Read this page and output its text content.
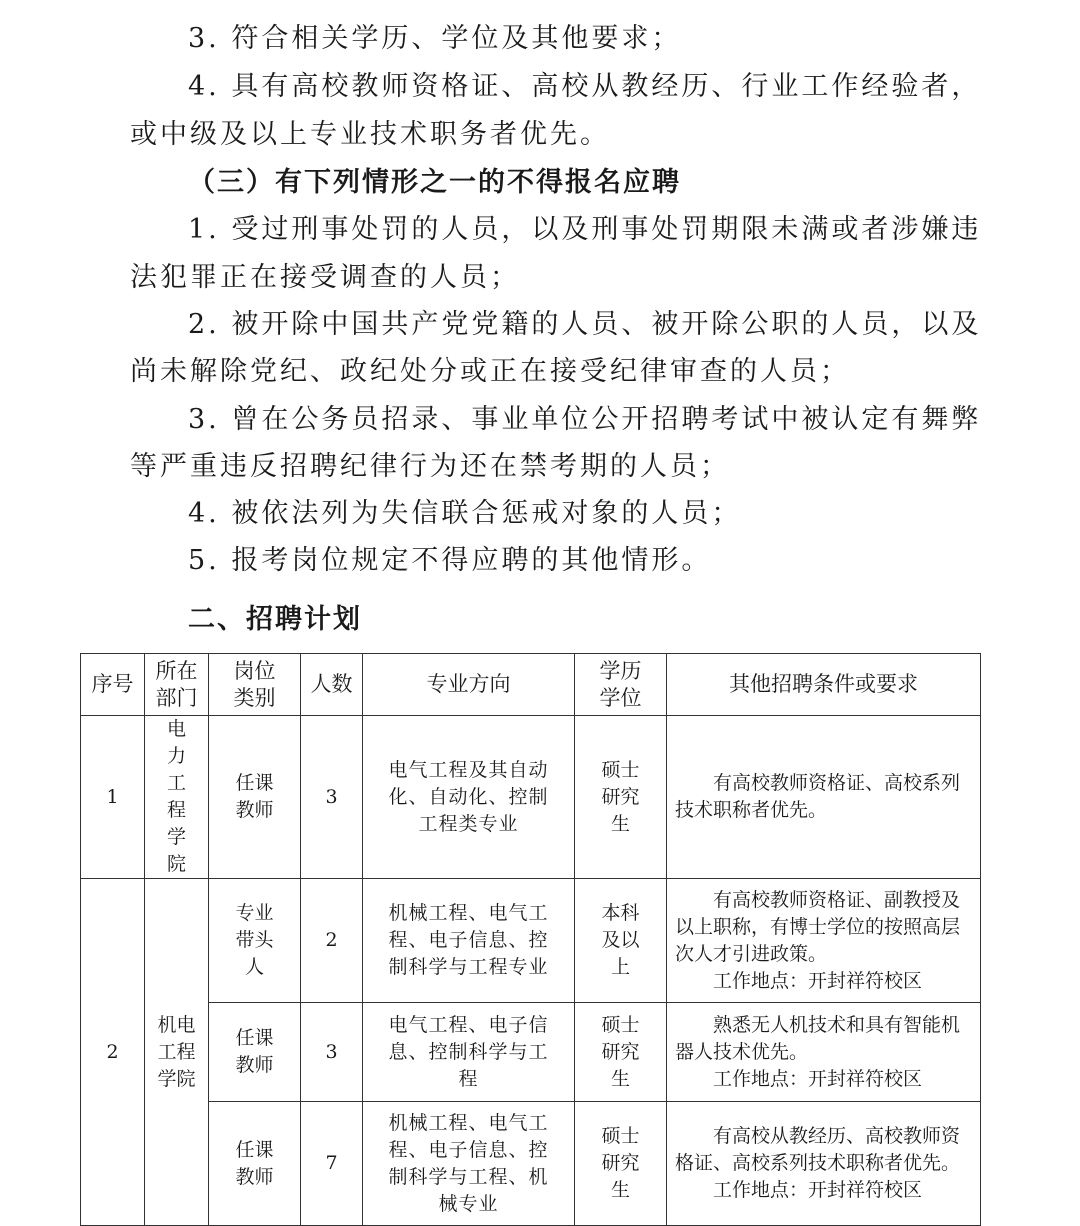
3. 符合相关学历、学位及其他要求；
4. 具有高校教师资格证、高校从教经历、行业工作经验者，
或中级及以上专业技术职务者优先。
（三）有下列情形之一的不得报名应聘
1. 受过刑事处罚的人员，以及刑事处罚期限未满或者涉嫌违
法犯罪正在接受调查的人员；
2. 被开除中国共产党党籍的人员、被开除公职的人员，以及
尚未解除党纪、政纪处分或正在接受纪律审查的人员；
3. 曾在公务员招录、事业单位公开招聘考试中被认定有舞弊
等严重违反招聘纪律行为还在禁考期的人员；
4. 被依法列为失信联合惩戒对象的人员；
5. 报考岗位规定不得应聘的其他情形。
二、招聘计划
序号	所在部门	岗位类别	人数	专业方向	学历学位	其他招聘条件或要求
1	电力工程学院	任课教师	3	电气工程及其自动化、自动化、控制工程类专业	硕士研究生	有高校教师资格证、高校系列技术职称者优先。

2	机电工程学院	专业带头人	2	机械工程、电气工程、电子信息、控制科学与工程专业	本科及以上	有高校教师资格证、副教授及以上职称，有博士学位的按照高层次人才引进政策。

工作地点：开封祥符校区

		任课教师	3	电气工程、电子信息、控制科学与工程	硕士研究生	熟悉无人机技术和具有智能机器人技术优先。

工作地点：开封祥符校区

		任课教师	7	机械工程、电气工程、电子信息、控制科学与工程、机械专业	硕士研究生	有高校从教经历、高校教师资格证、高校系列技术职称者优先。

工作地点：开封祥符校区
